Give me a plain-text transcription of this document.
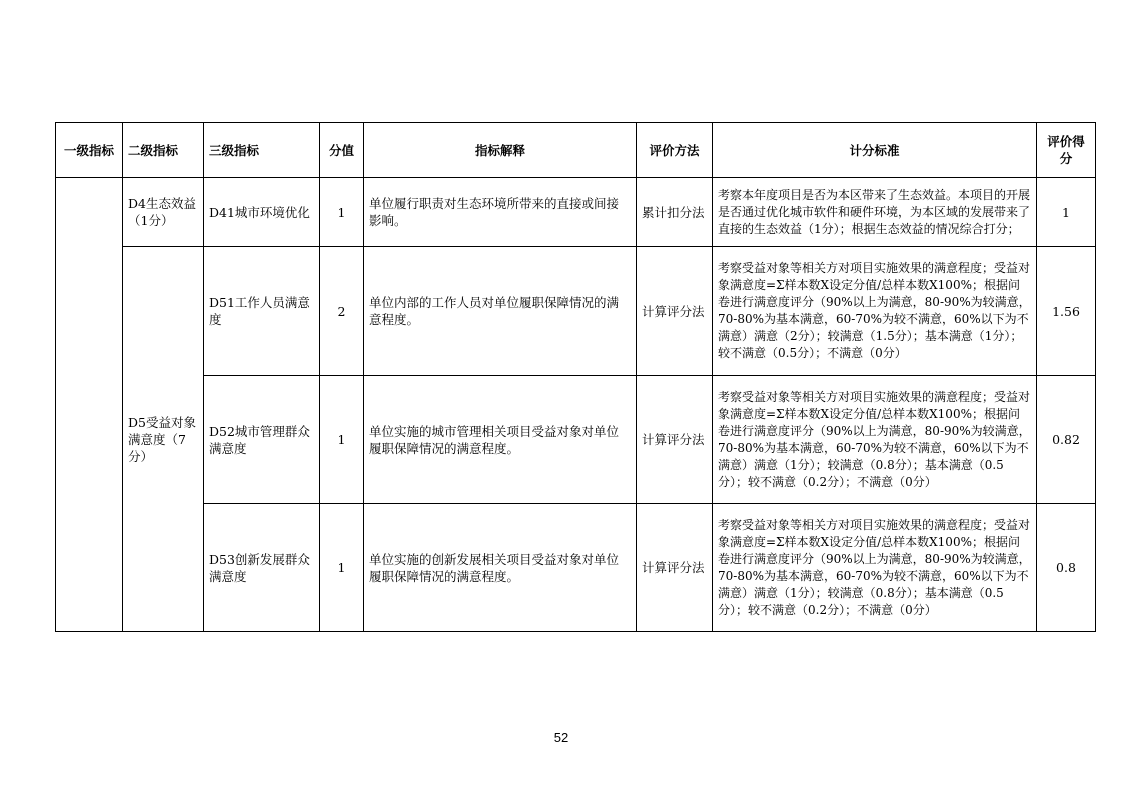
一级指标	二级指标	三级指标	分值	指标解释	评价方法	计分标准	评价得分
	D4生态效益（1分）	D41城市环境优化	1	单位履行职责对生态环境所带来的直接或间接影响。	累计扣分法	考察本年度项目是否为本区带来了生态效益。本项目的开展是否通过优化城市软件和硬件环境，为本区域的发展带来了直接的生态效益（1分）；根据生态效益的情况综合打分；	1
	D5受益对象满意度（7分）	D51工作人员满意度	2	单位内部的工作人员对单位履职保障情况的满意程度。	计算评分法	考察受益对象等相关方对项目实施效果的满意程度；受益对象满意度=Σ样本数X设定分值/总样本数X100%；根据问卷进行满意度评分（90%以上为满意，80-90%为较满意，70-80%为基本满意，60-70%为较不满意，60%以下为不满意）满意（2分）；较满意（1.5分）；基本满意（1分）；较不满意（0.5分）；不满意（0分）	1.56
		D52城市管理群众满意度	1	单位实施的城市管理相关项目受益对象对单位履职保障情况的满意程度。	计算评分法	考察受益对象等相关方对项目实施效果的满意程度；受益对象满意度=Σ样本数X设定分值/总样本数X100%；根据问卷进行满意度评分（90%以上为满意，80-90%为较满意，70-80%为基本满意，60-70%为较不满意，60%以下为不满意）满意（1分）；较满意（0.8分）；基本满意（0.5分）；较不满意（0.2分）；不满意（0分）	0.82
		D53创新发展群众满意度	1	单位实施的创新发展相关项目受益对象对单位履职保障情况的满意程度。	计算评分法	考察受益对象等相关方对项目实施效果的满意程度；受益对象满意度=Σ样本数X设定分值/总样本数X100%；根据问卷进行满意度评分（90%以上为满意，80-90%为较满意，70-80%为基本满意，60-70%为较不满意，60%以下为不满意）满意（1分）；较满意（0.8分）；基本满意（0.5分）；较不满意（0.2分）；不满意（0分）	0.8
52
